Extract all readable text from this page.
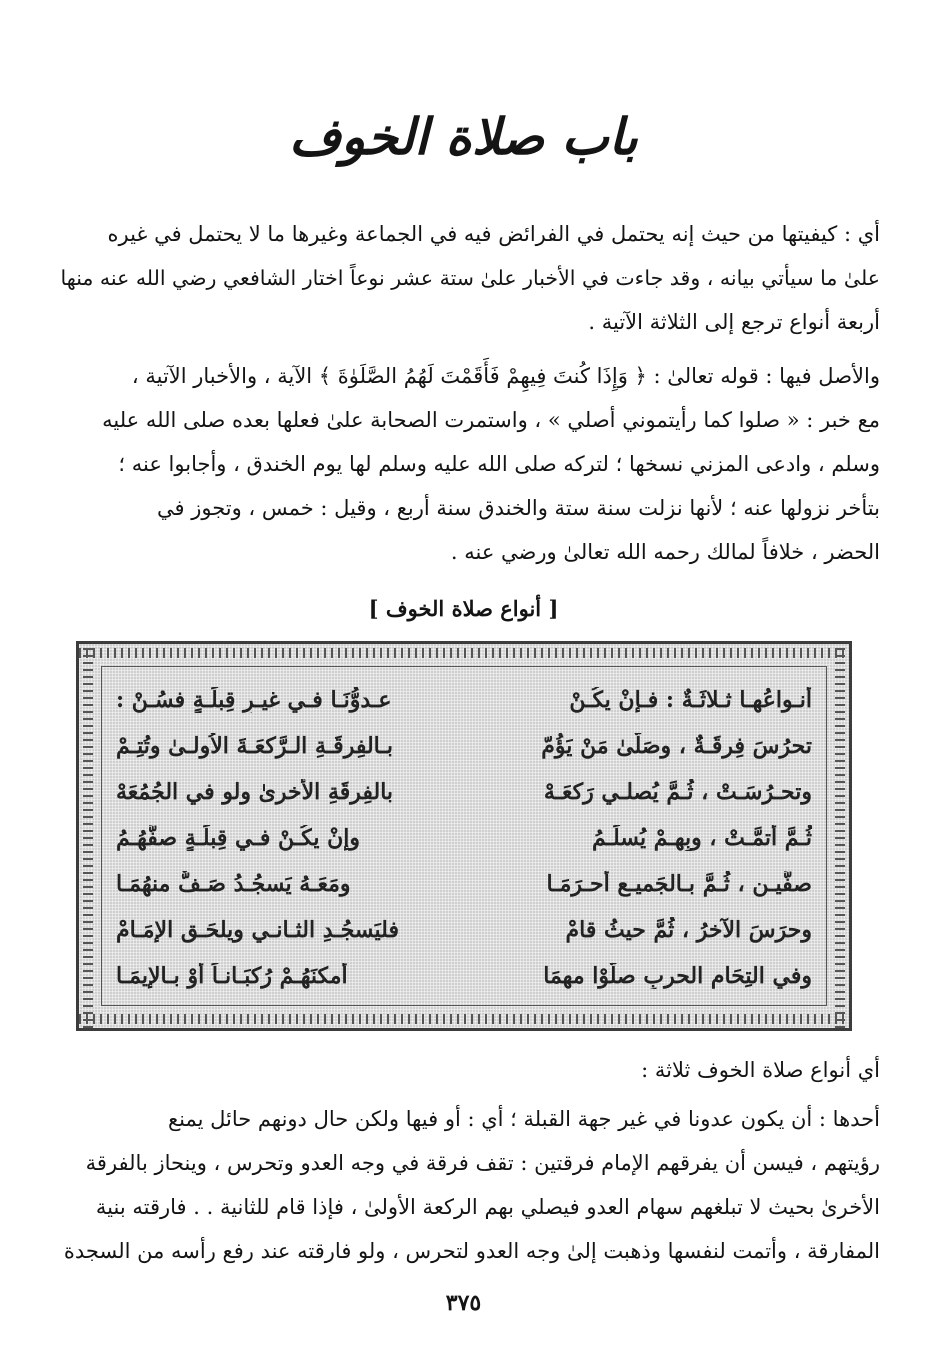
باب صلاة الخوف
أي : كيفيتها من حيث إنه يحتمل في الفرائض فيه في الجماعة وغيرها ما لا يحتمل في غيره
علىٰ ما سيأتي بيانه ، وقد جاءت في الأخبار علىٰ ستة عشر نوعاً اختار الشافعي رضي الله عنه منها
أربعة أنواع ترجع إلى الثلاثة الآتية .
والأصل فيها : قوله تعالىٰ : ﴿ وَإِذَا كُنتَ فِيهِمْ فَأَقَمْتَ لَهُمُ الصَّلَوٰةَ ﴾ الآية ، والأخبار الآتية ،
مع خبر : « صلوا كما رأيتموني أصلي » ، واستمرت الصحابة علىٰ فعلها بعده صلى الله عليه
وسلم ، وادعى المزني نسخها ؛ لتركه صلى الله عليه وسلم لها يوم الخندق ، وأجابوا عنه ؛
بتأخر نزولها عنه ؛ لأنها نزلت سنة ستة والخندق سنة أربع ، وقيل : خمس ، وتجوز في
الحضر ، خلافاً لمالك رحمه الله تعالىٰ ورضي عنه .
[ أنواع صلاة الخوف ]
أنـواعُهـا ثـلاثَـةٌ : فـإنْ يكُـنْ
عـدوُّنَـا فـي غيـرِ قِبلَـةٍ فسُـنْ :
تحرُسَ فِرقَـةٌ ، وصَلَّىٰ مَنْ يَؤُمّ
بـالفِرقَـةِ الـرَّكعَـةَ الاُولـىٰ وتُتِـمْ
وتحـرُسَـتْ ، ثُـمَّ يُصلـي رَكعَـهْ
بالفِرقَةِ الأخرىٰ ولو في الجُمُعَهْ
ثُـمَّ أتمَّـتْ ، وبِهِـمْ يُسلِّـمُ
وإنْ يكُـنْ فـي قِبلَـةٍ صفَّهُـمُ
صفَّيـنِ ، ثُـمَّ بـالجَميـعِ أحـرَمَـا
ومَعَـهُ يَسجُـدُ صَـفٌّ منهُمَـا
وحرَسَ الآخرُ ، ثُمَّ حيثُ قامْ
فليَسجُـدِ الثـانـي ويلحَـقِ الإمَـامْ
وفي التِحَامِ الحربِ صلَّوْا مهمَا
أمكنَهُـمْ رُكبَـانـاً أوْ بـالإيمَـا
أي أنواع صلاة الخوف ثلاثة :
أحدها : أن يكون عدونا في غير جهة القبلة ؛ أي : أو فيها ولكن حال دونهم حائل يمنع
رؤيتهم ، فيسن أن يفرقهم الإمام فرقتين : تقف فرقة في وجه العدو وتحرس ، وينحاز بالفرقة
الأخرىٰ بحيث لا تبلغهم سهام العدو فيصلي بهم الركعة الأولىٰ ، فإذا قام للثانية . . فارقته بنية
المفارقة ، وأتمت لنفسها وذهبت إلىٰ وجه العدو لتحرس ، ولو فارقته عند رفع رأسه من السجدة
٣٧٥
